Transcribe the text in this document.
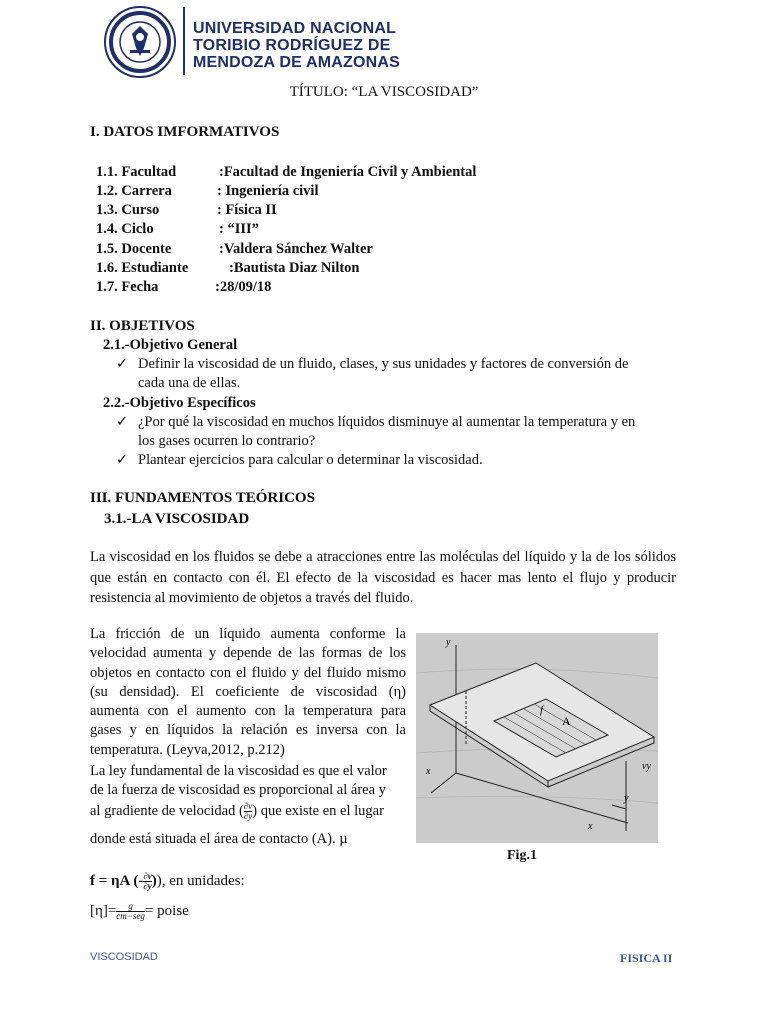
UNIVERSIDAD NACIONAL
TORIBIO RODRÍGUEZ DE
MENDOZA DE AMAZONAS
TÍTULO: “LA VISCOSIDAD”
I. DATOS IMFORMATIVOS
1.1. Facultad	:Facultad de Ingeniería Civil y Ambiental
1.2. Carrera	: Ingeniería civil
1.3. Curso	: Física II
1.4. Ciclo	: “III”
1.5. Docente	:Valdera Sánchez Walter
1.6. Estudiante	:Bautista Diaz Nilton
1.7. Fecha	:28/09/18
II. OBJETIVOS
2.1.-Objetivo General
✓ Definir la viscosidad de un fluido, clases, y sus unidades y factores de conversión de
cada una de ellas.
2.2.-Objetivo Específicos
✓ ¿Por qué la viscosidad en muchos líquidos disminuye al aumentar la temperatura y en
los gases ocurren lo contrario?
✓ Plantear ejercicios para calcular o determinar la viscosidad.
III. FUNDAMENTOS TEÓRICOS
3.1.-LA VISCOSIDAD
La viscosidad en los fluidos se debe a atracciones entre las moléculas del líquido y la de los sólidos que están en contacto con él. El efecto de la viscosidad es hacer mas lento el flujo y producir resistencia al movimiento de objetos a través del fluido.
La fricción de un líquido aumenta conforme la velocidad aumenta y depende de las formas de los objetos en contacto con el fluido y del fluido mismo (su densidad). El coeficiente de viscosidad (η) aumenta con el aumento con la temperatura para gases y en líquidos la relación es inversa con la temperatura. (Leyva,2012, p.212)
La ley fundamental de la viscosidad es que el valor
de la fuerza de viscosidad es proporcional al área y
al gradiente de velocidad ( $\frac{\partial v}{\partial y}$ ) que existe en el lugar
donde está situada el área de contacto (A). µ
y
x
f
A
vy
y
x
Fig.1
f = ηA (- $\frac{\partial v}{\partial y}$ )), en unidades:
$[\eta]= \frac{g}{\text{cm−seg}}$ = poise
VISCOSIDAD	FISICA II
